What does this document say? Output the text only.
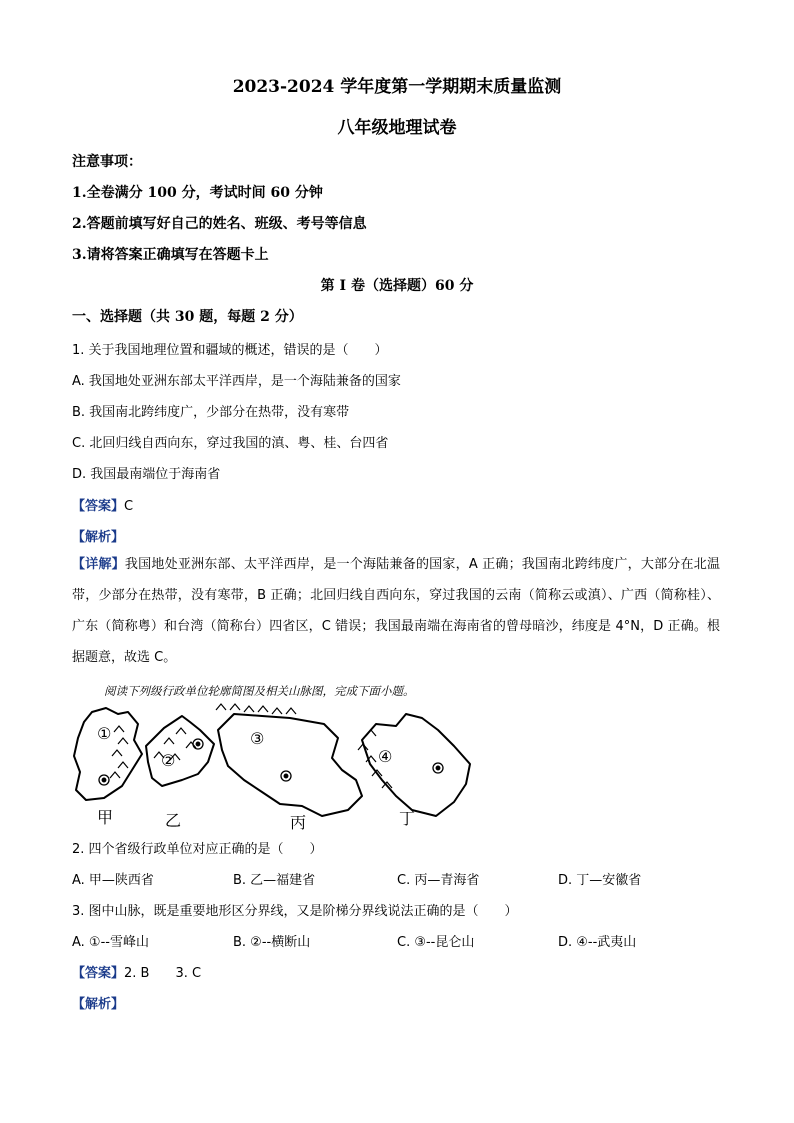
2023-2024 学年度第一学期期末质量监测
八年级地理试卷
注意事项：
1.全卷满分 100 分，考试时间 60 分钟
2.答题前填写好自己的姓名、班级、考号等信息
3.请将答案正确填写在答题卡上
第 I 卷（选择题）60 分
一、选择题（共 30 题，每题 2 分）
1. 关于我国地理位置和疆域的概述，错误的是（　　）
A. 我国地处亚洲东部太平洋西岸，是一个海陆兼备的国家
B. 我国南北跨纬度广，少部分在热带，没有寒带
C. 北回归线自西向东，穿过我国的滇、粤、桂、台四省
D. 我国最南端位于海南省
【答案】C
【解析】
【详解】我国地处亚洲东部、太平洋西岸，是一个海陆兼备的国家，A 正确；我国南北跨纬度广，大部分在北温带，少部分在热带，没有寒带，B 正确；北回归线自西向东，穿过我国的云南（简称云或滇）、广西（简称桂）、广东（简称粤）和台湾（简称台）四省区，C 错误；我国最南端在海南省的曾母暗沙，纬度是 4°N，D 正确。根据题意，故选 C。
阅读下列级行政单位轮廓简图及相关山脉图，完成下面小题。
①
②
③
④
甲	乙	丙	丁
2. 四个省级行政单位对应正确的是（　　）
A. 甲—陕西省	B. 乙—福建省	C. 丙—青海省	D. 丁—安徽省
3. 图中山脉，既是重要地形区分界线，又是阶梯分界线说法正确的是（　　）
A. ①--雪峰山	B. ②--横断山	C. ③--昆仑山	D. ④--武夷山
【答案】2. B　　3. C
【解析】
